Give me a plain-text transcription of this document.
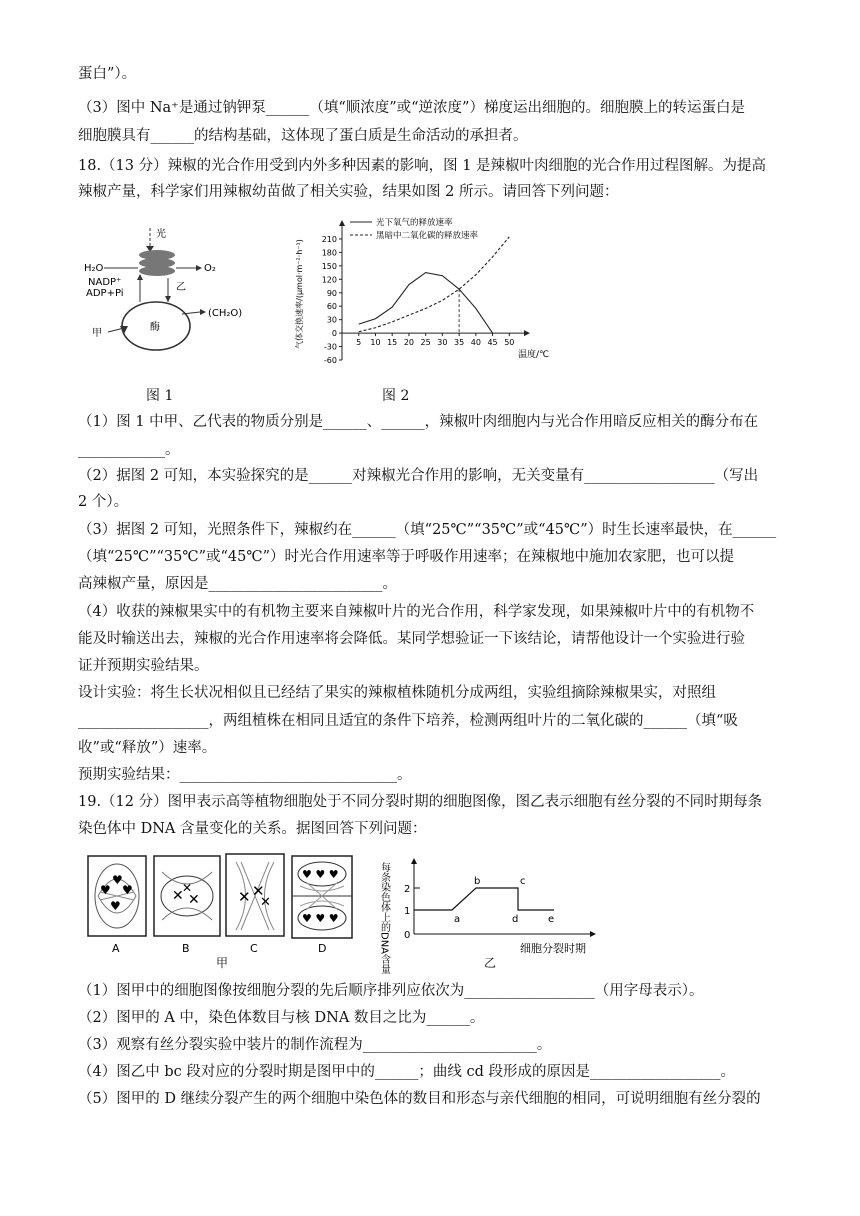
蛋白”）。
（3）图中 Na⁺是通过钠钾泵______（填“顺浓度”或“逆浓度”）梯度运出细胞的。细胞膜上的转运蛋白是
细胞膜具有______的结构基础，这体现了蛋白质是生命活动的承担者。
18.（13 分）辣椒的光合作用受到内外多种因素的影响，图 1 是辣椒叶肉细胞的光合作用过程图解。为提高
辣椒产量，科学家们用辣椒幼苗做了相关实验，结果如图 2 所示。请回答下列问题：
光
H₂O	O₂
NADP⁺
ADP+Pi
乙
酶
(CH₂O)
甲
-60
-30
0
30
60
90
120
150
180
210
5 10 15 20 25 30 35 40 45 50
温度/℃
气体交换速率/(μmol·m⁻²·h⁻¹)
光下氧气的释放速率
黑暗中二氧化碳的释放速率
图 1	图 2
（1）图 1 中甲、乙代表的物质分别是______、______，辣椒叶肉细胞内与光合作用暗反应相关的酶分布在
____________。
（2）据图 2 可知，本实验探究的是______对辣椒光合作用的影响，无关变量有__________________（写出
2 个）。
（3）据图 2 可知，光照条件下，辣椒约在______（填“25℃”“35℃”或“45℃”）时生长速率最快，在______
（填“25℃”“35℃”或“45℃”）时光合作用速率等于呼吸作用速率；在辣椒地中施加农家肥，也可以提
高辣椒产量，原因是________________________。
（4）收获的辣椒果实中的有机物主要来自辣椒叶片的光合作用，科学家发现，如果辣椒叶片中的有机物不
能及时输送出去，辣椒的光合作用速率将会降低。某同学想验证一下该结论，请帮他设计一个实验进行验
证并预期实验结果。
设计实验：将生长状况相似且已经结了果实的辣椒植株随机分成两组，实验组摘除辣椒果实，对照组
__________________，两组植株在相同且适宜的条件下培养，检测两组叶片的二氧化碳的______（填“吸
收”或“释放”）速率。
预期实验结果：______________________________。
19.（12 分）图甲表示高等植物细胞处于不同分裂时期的细胞图像，图乙表示细胞有丝分裂的不同时期每条
染色体中 DNA 含量变化的关系。据图回答下列问题：
♥
♥
♥
♥
A
✕ ✕
✕
B
✕ ✕
✕
C
♥ ♥ ♥
♥ ♥ ♥
D
甲	每条染色体上的DNA含量 2
1
0
a
b	c
d	e
细胞分裂时期
乙
（1）图甲中的细胞图像按细胞分裂的先后顺序排列应依次为__________________（用字母表示）。
（2）图甲的 A 中，染色体数目与核 DNA 数目之比为______。
（3）观察有丝分裂实验中装片的制作流程为________________________。
（4）图乙中 bc 段对应的分裂时期是图甲中的______；曲线 cd 段形成的原因是__________________。
（5）图甲的 D 继续分裂产生的两个细胞中染色体的数目和形态与亲代细胞的相同，可说明细胞有丝分裂的
